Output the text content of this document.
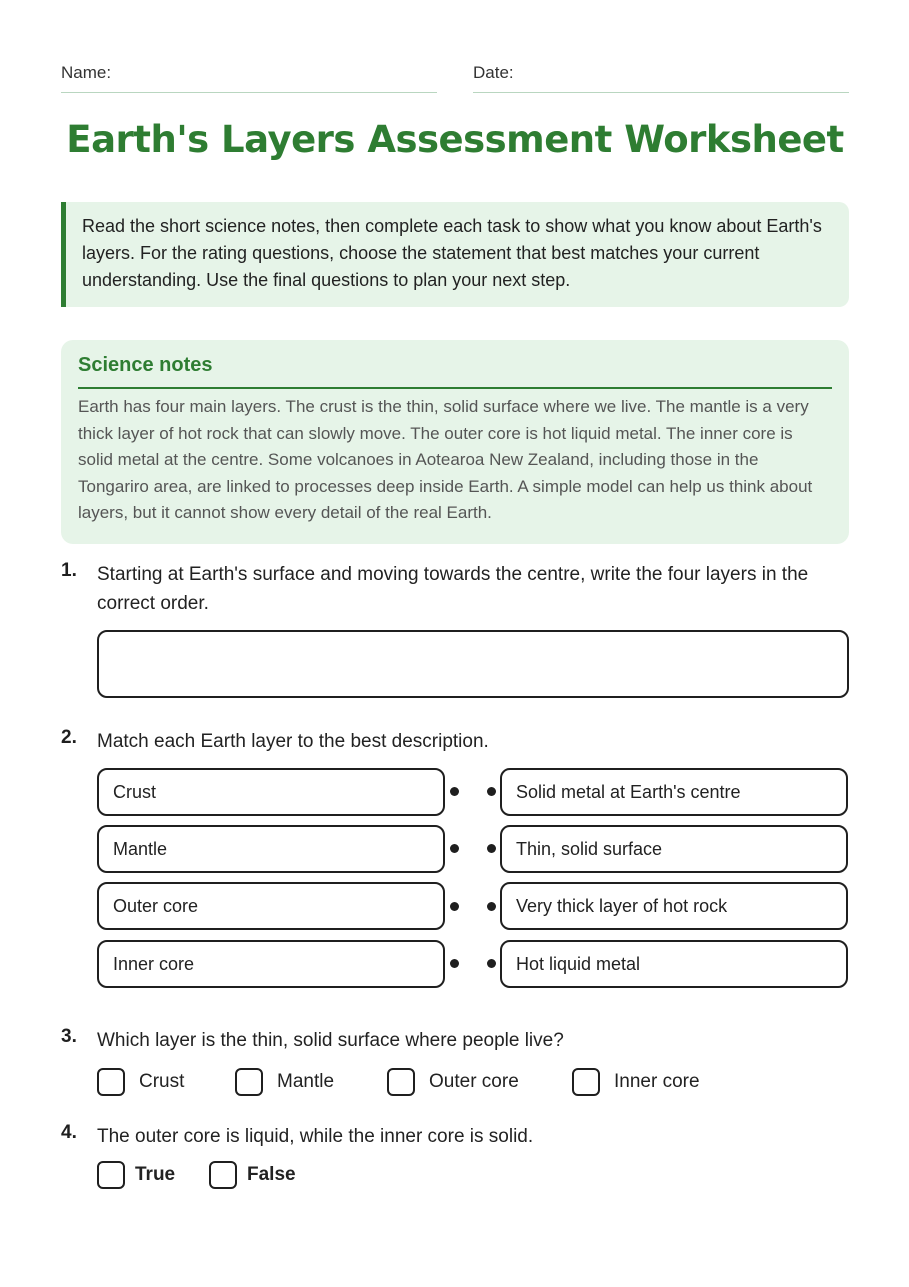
Name:	Date:
Earth's Layers Assessment Worksheet
Read the short science notes, then complete each task to show what you know about Earth's layers. For the rating questions, choose the statement that best matches your current understanding. Use the final questions to plan your next step.
Science notes
Earth has four main layers. The crust is the thin, solid surface where we live. The mantle is a very thick layer of hot rock that can slowly move. The outer core is hot liquid metal. The inner core is solid metal at the centre. Some volcanoes in Aotearoa New Zealand, including those in the Tongariro area, are linked to processes deep inside Earth. A simple model can help us think about layers, but it cannot show every detail of the real Earth.
1. Starting at Earth's surface and moving towards the centre, write the four layers in the correct order.
2. Match each Earth layer to the best description.
Crust	Solid metal at Earth's centre
Mantle	Thin, solid surface
Outer core	Very thick layer of hot rock
Inner core	Hot liquid metal
3. Which layer is the thin, solid surface where people live?
Crust	Mantle	Outer core	Inner core
4. The outer core is liquid, while the inner core is solid.
True	False
